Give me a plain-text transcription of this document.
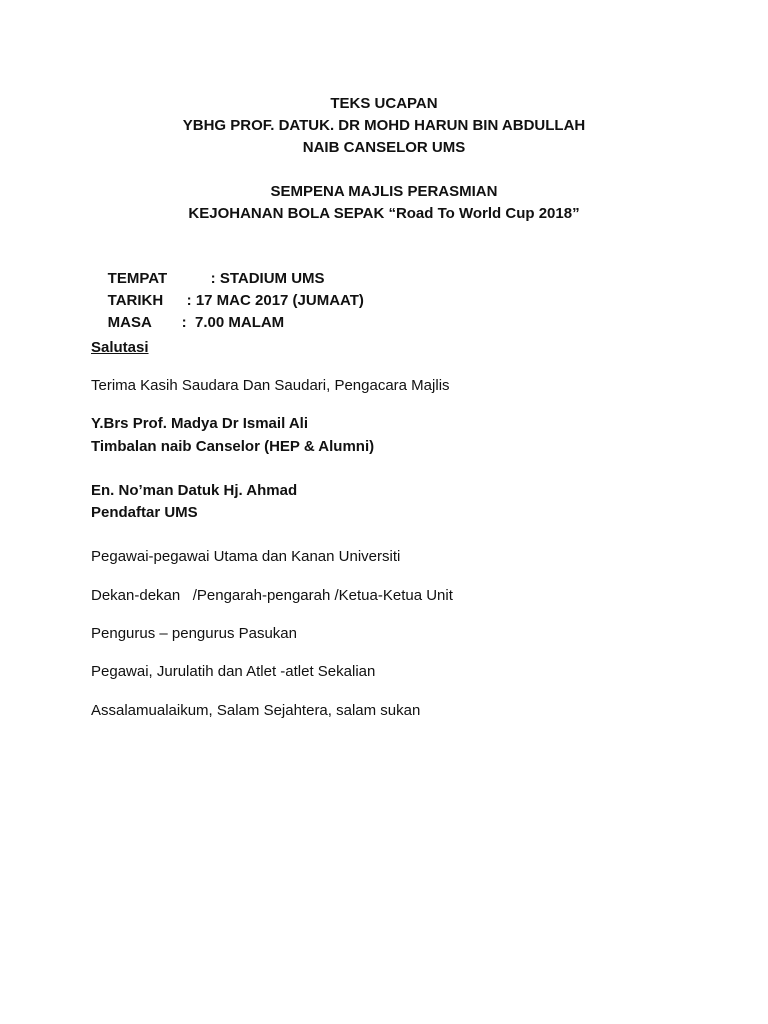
TEKS UCAPAN
YBHG PROF. DATUK. DR MOHD HARUN BIN ABDULLAH
NAIB CANSELOR UMS
SEMPENA MAJLIS PERASMIAN
KEJOHANAN BOLA SEPAK “Road To World Cup 2018”

TEMPAT	: STADIUM UMS

TARIKH : 17 MAC 2017 (JUMAAT)

MASA :  7.00 MALAM

Salutasi
Terima Kasih Saudara Dan Saudari, Pengacara Majlis
Y.Brs Prof. Madya Dr Ismail Ali
Timbalan naib Canselor (HEP & Alumni)
En. No’man Datuk Hj. Ahmad
Pendaftar UMS
Pegawai-pegawai Utama dan Kanan Universiti
Dekan-dekan   /Pengarah-pengarah /Ketua-Ketua Unit
Pengurus – pengurus Pasukan
Pegawai, Jurulatih dan Atlet -atlet Sekalian
Assalamualaikum, Salam Sejahtera, salam sukan
